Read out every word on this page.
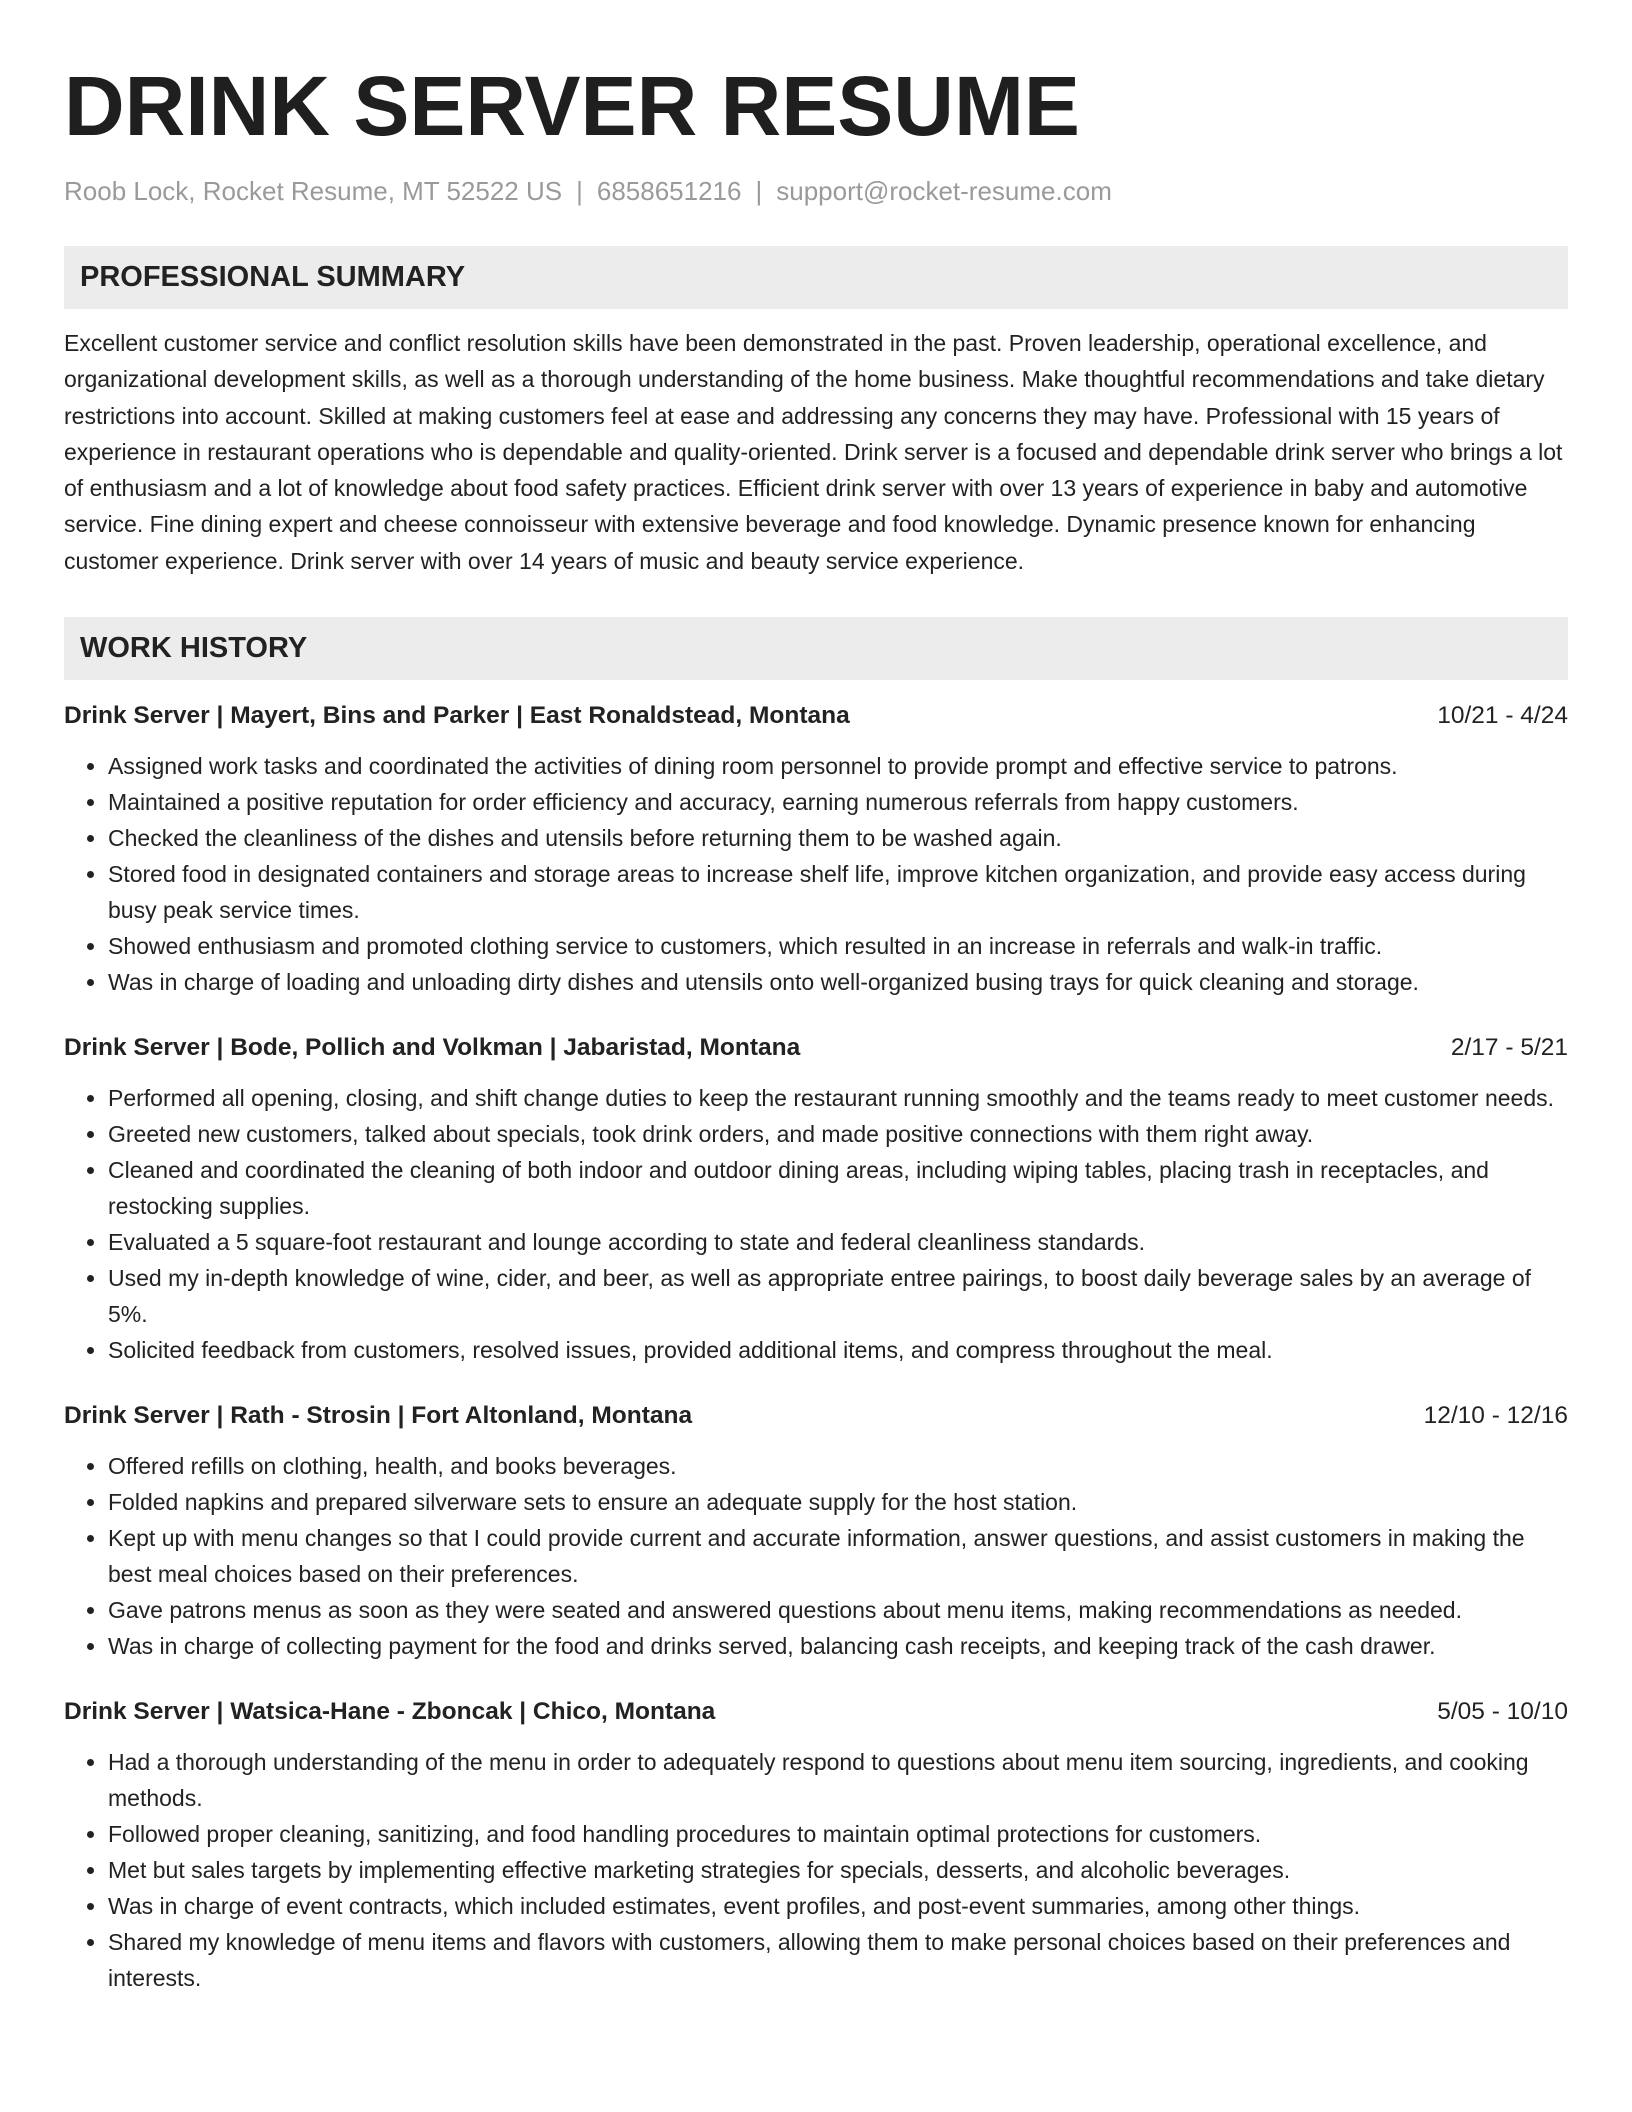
DRINK SERVER RESUME
Roob Lock, Rocket Resume, MT 52522 US | 6858651216 | support@rocket-resume.com
PROFESSIONAL SUMMARY
Excellent customer service and conflict resolution skills have been demonstrated in the past. Proven leadership, operational excellence, and organizational development skills, as well as a thorough understanding of the home business. Make thoughtful recommendations and take dietary restrictions into account. Skilled at making customers feel at ease and addressing any concerns they may have. Professional with 15 years of experience in restaurant operations who is dependable and quality-oriented. Drink server is a focused and dependable drink server who brings a lot of enthusiasm and a lot of knowledge about food safety practices. Efficient drink server with over 13 years of experience in baby and automotive service. Fine dining expert and cheese connoisseur with extensive beverage and food knowledge. Dynamic presence known for enhancing customer experience. Drink server with over 14 years of music and beauty service experience.
WORK HISTORY
Drink Server | Mayert, Bins and Parker | East Ronaldstead, Montana	10/21 - 4/24
• Assigned work tasks and coordinated the activities of dining room personnel to provide prompt and effective service to patrons.
• Maintained a positive reputation for order efficiency and accuracy, earning numerous referrals from happy customers.
• Checked the cleanliness of the dishes and utensils before returning them to be washed again.
• Stored food in designated containers and storage areas to increase shelf life, improve kitchen organization, and provide easy access during busy peak service times.
• Showed enthusiasm and promoted clothing service to customers, which resulted in an increase in referrals and walk-in traffic.
• Was in charge of loading and unloading dirty dishes and utensils onto well-organized busing trays for quick cleaning and storage.
Drink Server | Bode, Pollich and Volkman | Jabaristad, Montana	2/17 - 5/21
• Performed all opening, closing, and shift change duties to keep the restaurant running smoothly and the teams ready to meet customer needs.
• Greeted new customers, talked about specials, took drink orders, and made positive connections with them right away.
• Cleaned and coordinated the cleaning of both indoor and outdoor dining areas, including wiping tables, placing trash in receptacles, and restocking supplies.
• Evaluated a 5 square-foot restaurant and lounge according to state and federal cleanliness standards.
• Used my in-depth knowledge of wine, cider, and beer, as well as appropriate entree pairings, to boost daily beverage sales by an average of 5%.
• Solicited feedback from customers, resolved issues, provided additional items, and compress throughout the meal.
Drink Server | Rath - Strosin | Fort Altonland, Montana	12/10 - 12/16
• Offered refills on clothing, health, and books beverages.
• Folded napkins and prepared silverware sets to ensure an adequate supply for the host station.
• Kept up with menu changes so that I could provide current and accurate information, answer questions, and assist customers in making the best meal choices based on their preferences.
• Gave patrons menus as soon as they were seated and answered questions about menu items, making recommendations as needed.
• Was in charge of collecting payment for the food and drinks served, balancing cash receipts, and keeping track of the cash drawer.
Drink Server | Watsica-Hane - Zboncak | Chico, Montana	5/05 - 10/10
• Had a thorough understanding of the menu in order to adequately respond to questions about menu item sourcing, ingredients, and cooking methods.
• Followed proper cleaning, sanitizing, and food handling procedures to maintain optimal protections for customers.
• Met but sales targets by implementing effective marketing strategies for specials, desserts, and alcoholic beverages.
• Was in charge of event contracts, which included estimates, event profiles, and post-event summaries, among other things.
• Shared my knowledge of menu items and flavors with customers, allowing them to make personal choices based on their preferences and interests.
